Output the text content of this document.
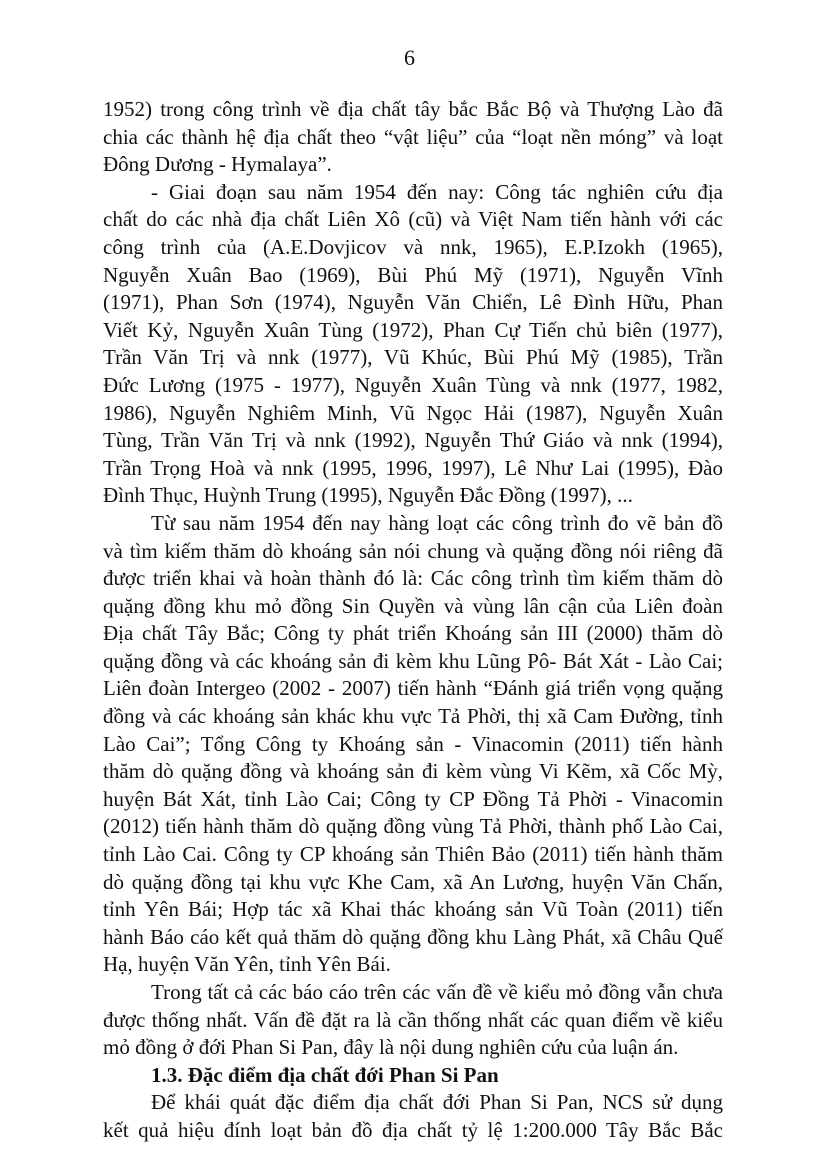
6
1952) trong công trình về địa chất tây bắc Bắc Bộ và Thượng Lào đã
chia các thành hệ địa chất theo “vật liệu” của “loạt nền móng” và loạt
Đông Dương - Hymalaya”.
- Giai đoạn sau năm 1954 đến nay: Công tác nghiên cứu địa
chất do các nhà địa chất Liên Xô (cũ) và Việt Nam tiến hành với các
công trình của (A.E.Dovjicov và nnk, 1965), E.P.Izokh (1965),
Nguyễn Xuân Bao (1969), Bùi Phú Mỹ (1971), Nguyễn Vĩnh
(1971), Phan Sơn (1974), Nguyễn Văn Chiển, Lê Đình Hữu, Phan
Viết Kỷ, Nguyễn Xuân Tùng (1972), Phan Cự Tiến chủ biên (1977),
Trần Văn Trị và nnk (1977), Vũ Khúc, Bùi Phú Mỹ (1985), Trần
Đức Lương (1975 - 1977), Nguyễn Xuân Tùng và nnk (1977, 1982,
1986), Nguyễn Nghiêm Minh, Vũ Ngọc Hải (1987), Nguyễn Xuân
Tùng, Trần Văn Trị và nnk (1992), Nguyễn Thứ Giáo và nnk (1994),
Trần Trọng Hoà và nnk (1995, 1996, 1997), Lê Như Lai (1995), Đào
Đình Thục, Huỳnh Trung (1995), Nguyễn Đắc Đồng (1997), ...
Từ sau năm 1954 đến nay hàng loạt các công trình đo vẽ bản đồ
và tìm kiếm thăm dò khoáng sản nói chung và quặng đồng nói riêng đã
được triển khai và hoàn thành đó là: Các công trình tìm kiếm thăm dò
quặng đồng khu mỏ đồng Sin Quyền và vùng lân cận của Liên đoàn
Địa chất Tây Bắc; Công ty phát triển Khoáng sản III (2000) thăm dò
quặng đồng và các khoáng sản đi kèm khu Lũng Pô- Bát Xát - Lào Cai;
Liên đoàn Intergeo (2002 - 2007) tiến hành “Đánh giá triển vọng quặng
đồng và các khoáng sản khác khu vực Tả Phời, thị xã Cam Đường, tỉnh
Lào Cai”; Tổng Công ty Khoáng sản - Vinacomin (2011) tiến hành
thăm dò quặng đồng và khoáng sản đi kèm vùng Vi Kẽm, xã Cốc Mỳ,
huyện Bát Xát, tỉnh Lào Cai; Công ty CP Đồng Tả Phời - Vinacomin
(2012) tiến hành thăm dò quặng đồng vùng Tả Phời, thành phố Lào Cai,
tỉnh Lào Cai. Công ty CP khoáng sản Thiên Bảo (2011) tiến hành thăm
dò quặng đồng tại khu vực Khe Cam, xã An Lương, huyện Văn Chấn,
tỉnh Yên Bái; Hợp tác xã Khai thác khoáng sản Vũ Toàn (2011) tiến
hành Báo cáo kết quả thăm dò quặng đồng khu Làng Phát, xã Châu Quế
Hạ, huyện Văn Yên, tỉnh Yên Bái.
Trong tất cả các báo cáo trên các vấn đề về kiểu mỏ đồng vẫn chưa
được thống nhất. Vấn đề đặt ra là cần thống nhất các quan điểm về kiểu
mỏ đồng ở đới Phan Si Pan, đây là nội dung nghiên cứu của luận án.
1.3. Đặc điểm địa chất đới Phan Si Pan
Để khái quát đặc điểm địa chất đới Phan Si Pan, NCS sử dụng
kết quả hiệu đính loạt bản đồ địa chất tỷ lệ 1:200.000 Tây Bắc Bắc
